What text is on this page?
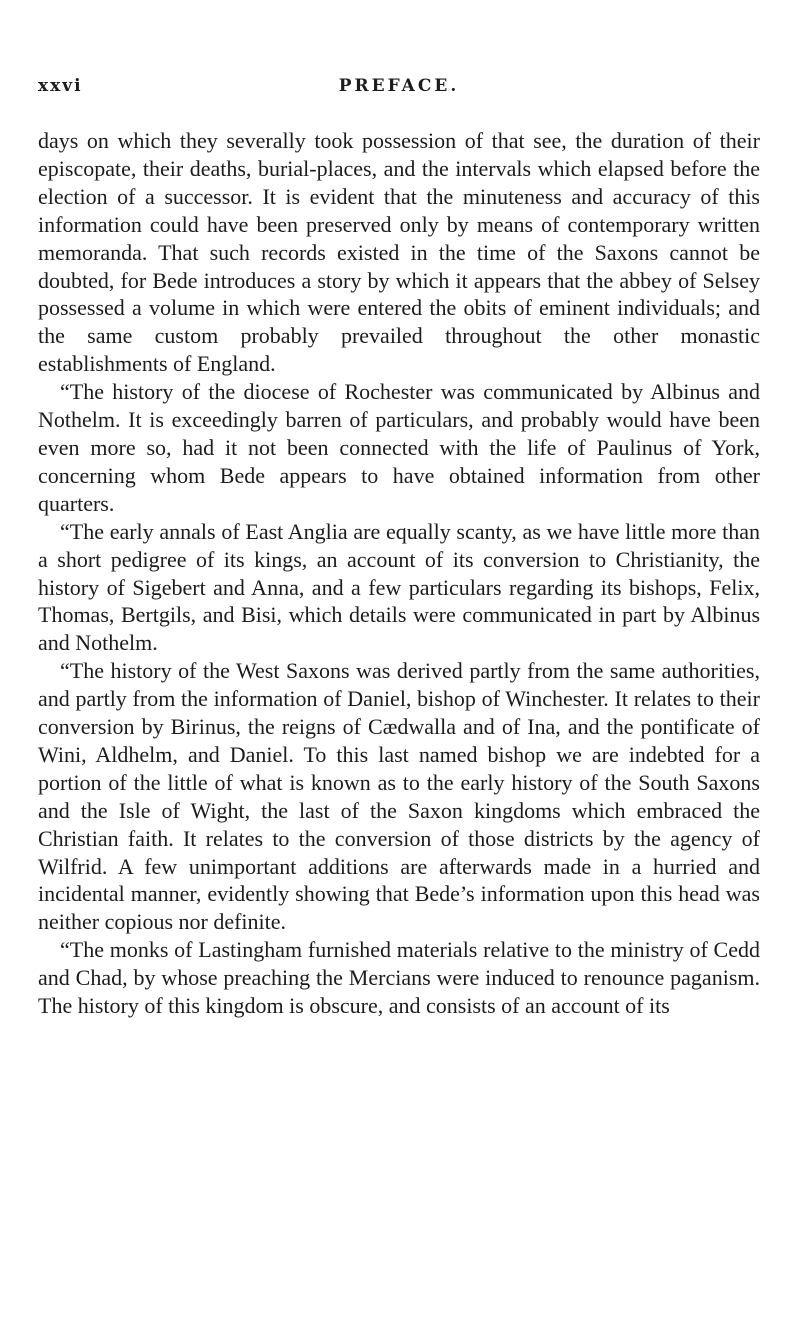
xxvi	PREFACE.

days on which they severally took possession of that see, the duration of their episcopate, their deaths, burial-places, and the intervals which elapsed before the election of a successor. It is evident that the minuteness and accuracy of this information could have been preserved only by means of contemporary written memoranda. That such records existed in the time of the Saxons cannot be doubted, for Bede introduces a story by which it appears that the abbey of Selsey possessed a volume in which were entered the obits of eminent individuals; and the same custom probably prevailed throughout the other monastic establishments of England.

“The history of the diocese of Rochester was communicated by Albinus and Nothelm. It is exceedingly barren of particulars, and probably would have been even more so, had it not been connected with the life of Paulinus of York, concerning whom Bede appears to have obtained information from other quarters.

“The early annals of East Anglia are equally scanty, as we have little more than a short pedigree of its kings, an account of its conversion to Christianity, the history of Sigebert and Anna, and a few particulars regarding its bishops, Felix, Thomas, Bertgils, and Bisi, which details were communicated in part by Albinus and Nothelm.

“The history of the West Saxons was derived partly from the same authorities, and partly from the information of Daniel, bishop of Winchester. It relates to their conversion by Birinus, the reigns of Cædwalla and of Ina, and the pontificate of Wini, Aldhelm, and Daniel. To this last named bishop we are indebted for a portion of the little of what is known as to the early history of the South Saxons and the Isle of Wight, the last of the Saxon kingdoms which embraced the Christian faith. It relates to the conversion of those districts by the agency of Wilfrid. A few unimportant additions are afterwards made in a hurried and incidental manner, evidently showing that Bede’s information upon this head was neither copious nor definite.

“The monks of Lastingham furnished materials relative to the ministry of Cedd and Chad, by whose preaching the Mercians were induced to renounce paganism. The history of this kingdom is obscure, and consists of an account of its
